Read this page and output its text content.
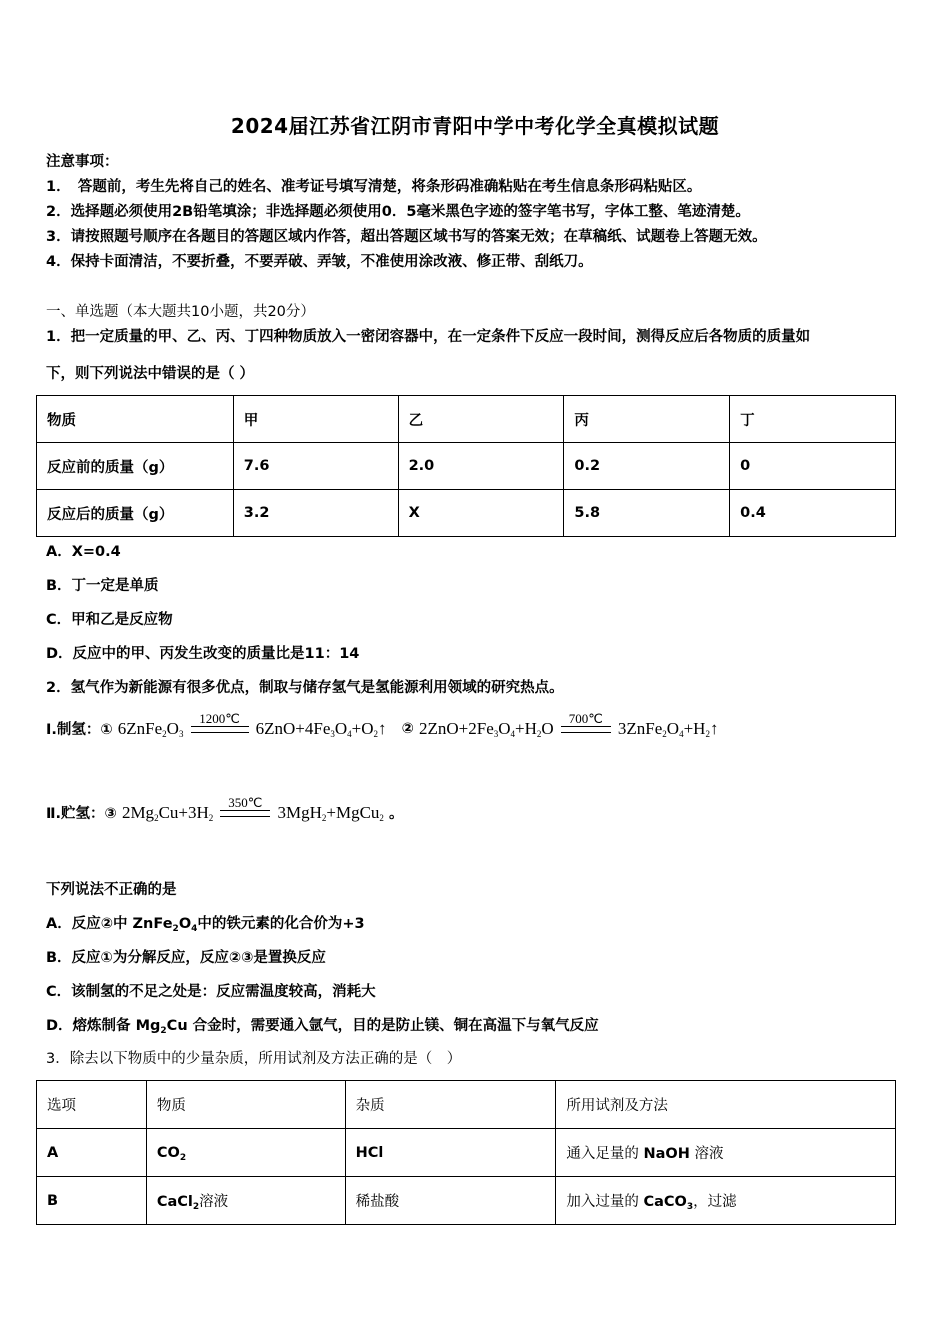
2024届江苏省江阴市青阳中学中考化学全真模拟试题
注意事项：
1．　答题前，考生先将自己的姓名、准考证号填写清楚，将条形码准确粘贴在考生信息条形码粘贴区。
2．选择题必须使用2B铅笔填涂；非选择题必须使用0．5毫米黑色字迹的签字笔书写，字体工整、笔迹清楚。
3．请按照题号顺序在各题目的答题区域内作答，超出答题区域书写的答案无效；在草稿纸、试题卷上答题无效。
4．保持卡面清洁，不要折叠，不要弄破、弄皱，不准使用涂改液、修正带、刮纸刀。
一、单选题（本大题共10小题，共20分）
1．把一定质量的甲、乙、丙、丁四种物质放入一密闭容器中，在一定条件下反应一段时间，测得反应后各物质的质量如
下，则下列说法中错误的是（ ）
物质	甲	乙	丙	丁
反应前的质量（g）	7.6	2.0	0.2	0
反应后的质量（g）	3.2	X	5.8	0.4
A．X=0.4
B．丁一定是单质
C．甲和乙是反应物
D．反应中的甲、丙发生改变的质量比是11：14
2．氢气作为新能源有很多优点，制取与储存氢气是氢能源利用领域的研究热点。
Ⅰ.制氢：① $6ZnFe_2O_3$
1200℃ $6ZnO+4Fe_3O_4+O_2↑$ ② $2ZnO+2Fe_3O_4+H_2O$	700℃ $3ZnFe_2O_4+H_2↑$
Ⅱ.贮氢：③ $2Mg_2Cu+3H_2$
350℃ 3MgH$_2$+MgCu$_2$ 。
下列说法不正确的是
A．反应②中 $ZnFe_2O_4$中的铁元素的化合价为+3
B．反应①为分解反应，反应②③是置换反应
C．该制氢的不足之处是：反应需温度较高，消耗大
D．熔炼制备 $Mg_2Cu$ 合金时，需要通入氩气，目的是防止镁、铜在高温下与氧气反应
3．除去以下物质中的少量杂质，所用试剂及方法正确的是（　）
选项	物质	杂质	所用试剂及方法
A	$CO_2$	HCl	通入足量的 NaOH 溶液
B	CaCl$_2$溶液	稀盐酸	加入过量的 CaCO$_3$，过滤
